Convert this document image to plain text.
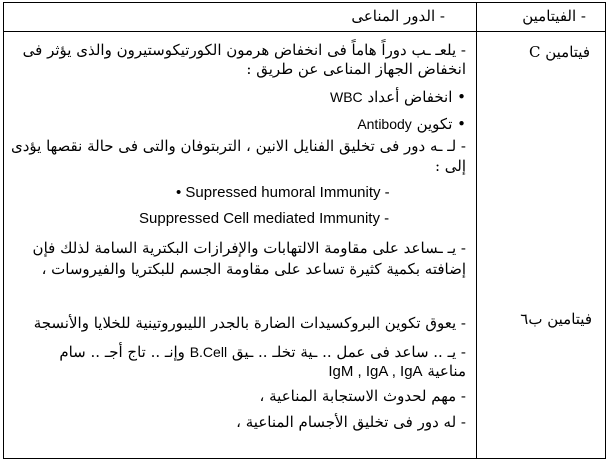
- الدور المناعى	- الفيتامين
فيتامين C
- يلعـ ـب دوراً هاماً فى انخفاض هرمون الكورتيكوستيرون والذى يؤثر فى
انخفاض الجهاز المناعى عن طريق :
• انخفاض أعداد WBC
• تكوين Antibody
- لـ ـه دور فى تخليق الفنايل الانين ، التربتوفان والتى فى حالة نقصها يؤدى
إلى :
• Supressed humoral Immunity -
Suppressed Cell mediated Immunity -
- يـ ـساعد على مقاومة الالتهابات والإفرازات البكترية السامة لذلك فإن
إضافته بكمية كثيرة تساعد على مقاومة الجسم للبكتريا والفيروسات ،
فيتامين ب٦
- يعوق تكوين البروكسيدات الضارة بالجدر الليبوروتينية للخلايا والأنسجة
- يـ .. ساعد فى عمل .. ـية تخلـ .. ـيق B.Cell وإنـ .. تاج أجـ .. سام
مناعية IgM , IgA , IgA
- مهم لحدوث الاستجابة المناعية ،
- له دور فى تخليق الأجسام المناعية ،
